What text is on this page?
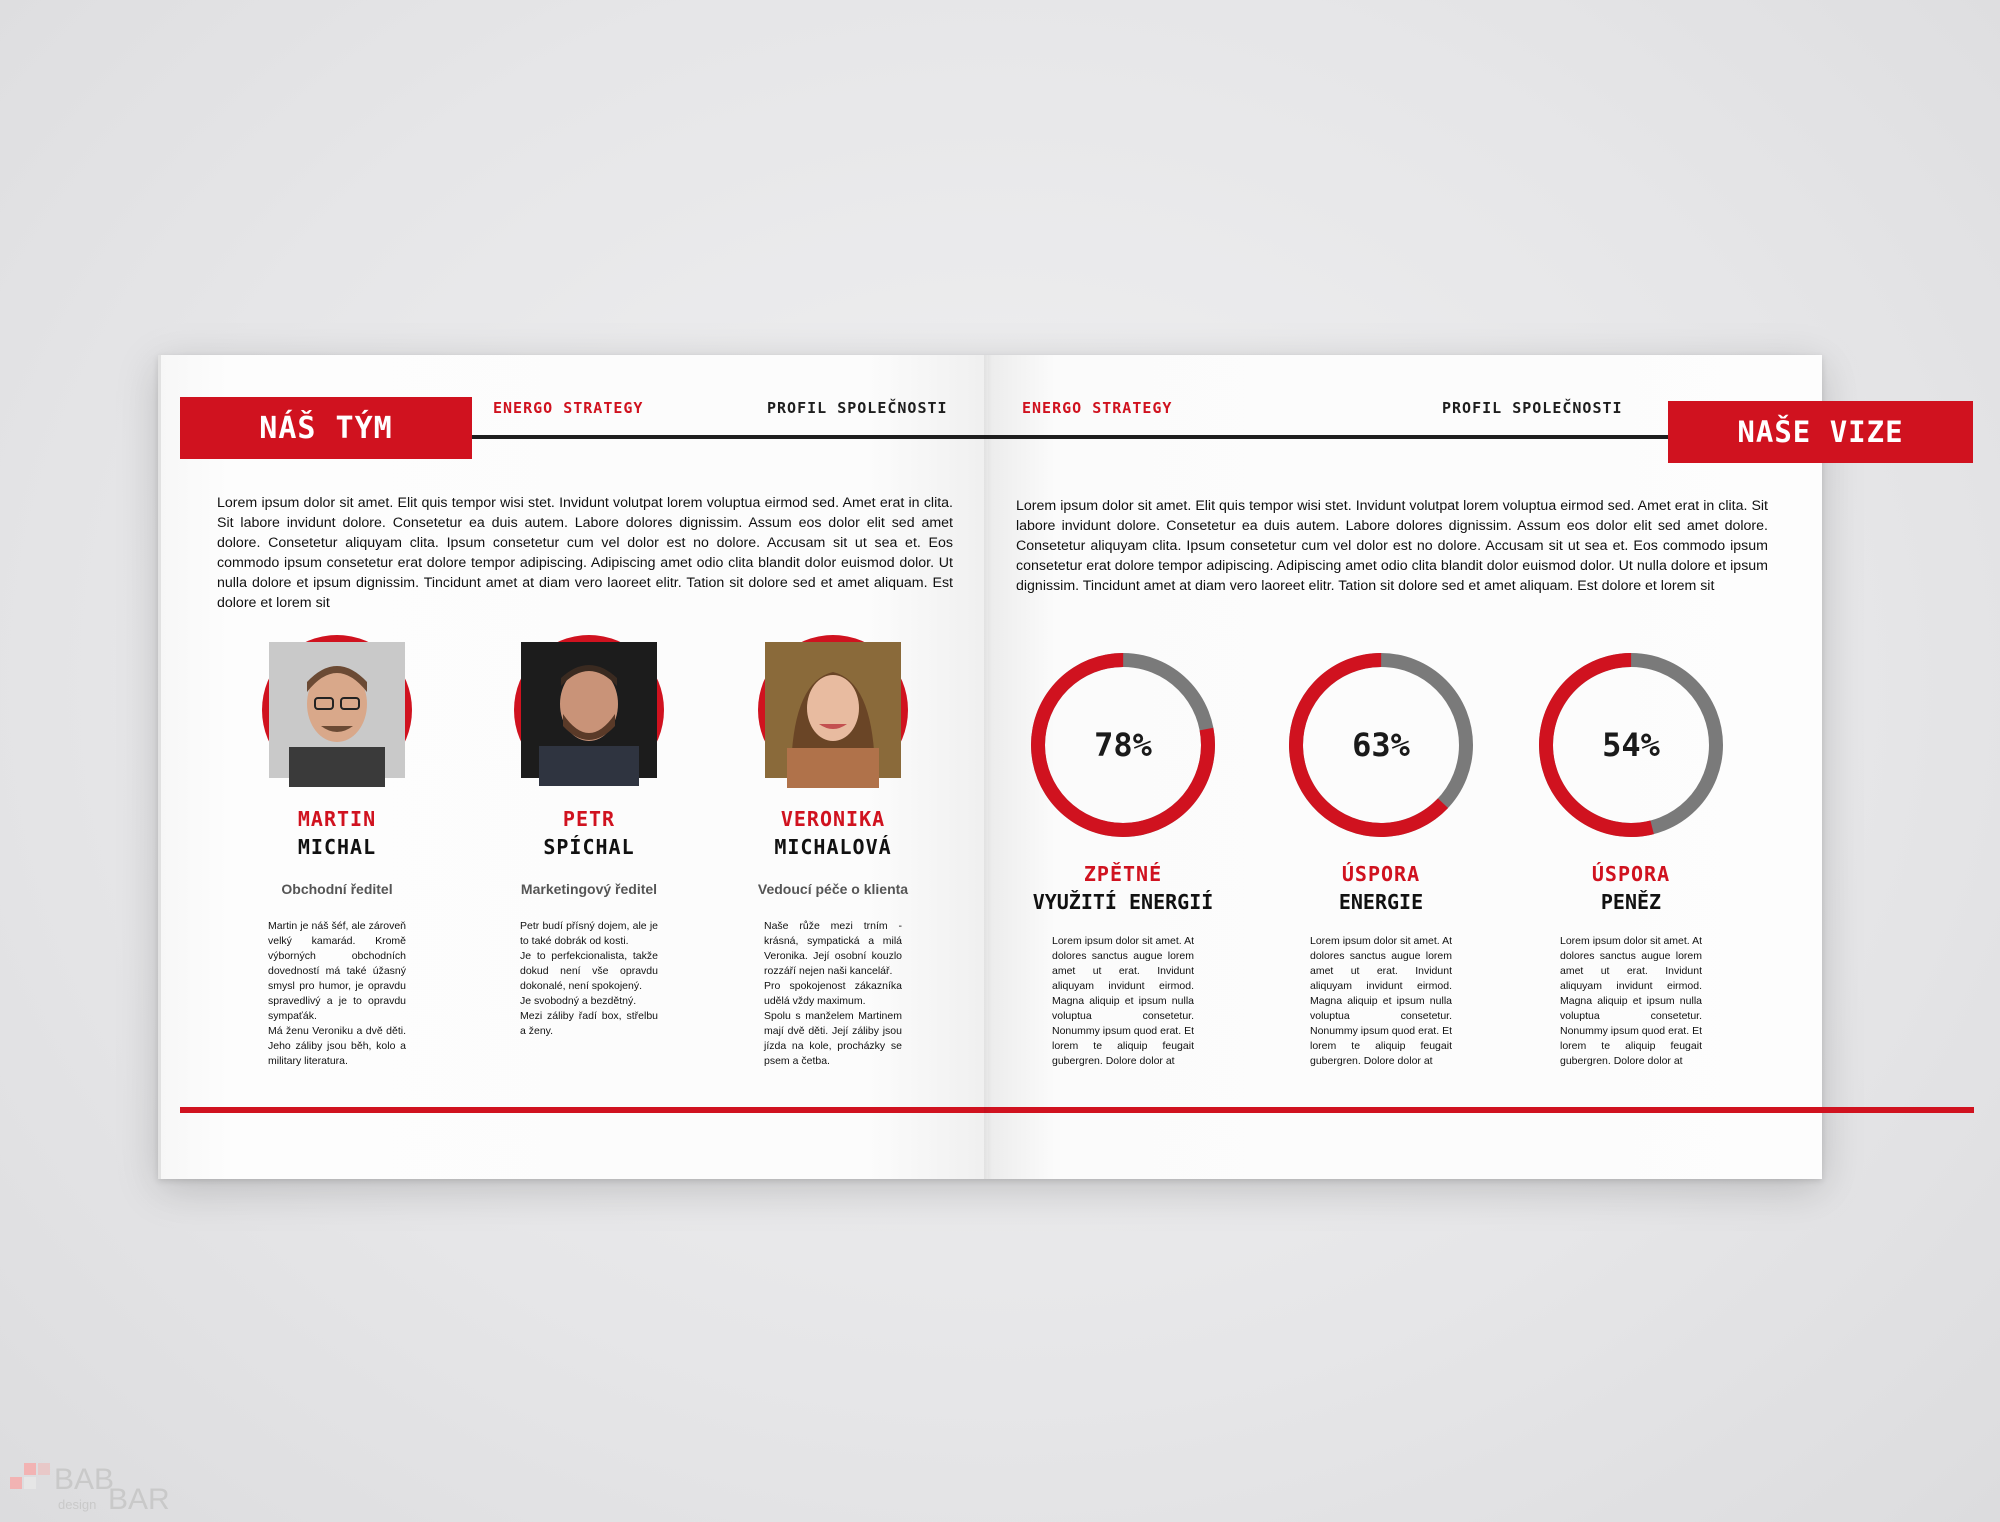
NÁŠ TÝM
ENERGO STRATEGY	PROFIL SPOLEČNOSTI
Lorem ipsum dolor sit amet. Elit quis tempor wisi stet. Invidunt volutpat lorem voluptua eirmod sed. Amet erat in clita. Sit labore invidunt dolore. Consetetur ea duis autem. Labore dolores dignissim. Assum eos dolor elit sed amet dolore. Consetetur aliquyam clita. Ipsum consetetur cum vel dolor est no dolore. Accusam sit ut sea et. Eos commodo ipsum consetetur erat dolore tempor adipiscing. Adipiscing amet odio clita blandit dolor euismod dolor. Ut nulla dolore et ipsum dignissim. Tincidunt amet at diam vero laoreet elitr. Tation sit dolore sed et amet aliquam. Est dolore et lorem sit
MARTIN
MICHAL
Obchodní ředitel
Martin je náš šéf, ale zároveň velký kamarád. Kromě výborných obchodních dovedností má také úžasný smysl pro humor, je opravdu spravedlivý a je to opravdu sympaťák.
Má ženu Veroniku a dvě děti. Jeho záliby jsou běh, kolo a military literatura.
PETR
SPÍCHAL
Marketingový ředitel
Petr budí přísný dojem, ale je to také dobrák od kosti.
Je to perfekcionalista, takže dokud není vše opravdu dokonalé, není spokojený.
Je svobodný a bezdětný.
Mezi záliby řadí box, střelbu a ženy.
VERONIKA
MICHALOVÁ
Vedoucí péče o klienta
Naše růže mezi trním - krásná, sympatická a milá Veronika. Její osobní kouzlo rozzáří nejen naši kancelář.
Pro spokojenost zákazníka udělá vždy maximum.
Spolu s manželem Martinem mají dvě děti. Její záliby jsou jízda na kole, procházky se psem a četba.
ENERGO STRATEGY	PROFIL SPOLEČNOSTI
NAŠE VIZE
Lorem ipsum dolor sit amet. Elit quis tempor wisi stet. Invidunt volutpat lorem voluptua eirmod sed. Amet erat in clita. Sit labore invidunt dolore. Consetetur ea duis autem. Labore dolores dignissim. Assum eos dolor elit sed amet dolore. Consetetur aliquyam clita. Ipsum consetetur cum vel dolor est no dolore. Accusam sit ut sea et. Eos commodo ipsum consetetur erat dolore tempor adipiscing. Adipiscing amet odio clita blandit dolor euismod dolor. Ut nulla dolore et ipsum dignissim. Tincidunt amet at diam vero laoreet elitr. Tation sit dolore sed et amet aliquam. Est dolore et lorem sit
78%
ZPĚTNÉ
VYUŽITÍ ENERGIÍ
Lorem ipsum dolor sit amet. At dolores sanctus augue lorem amet ut erat. Invidunt aliquyam invidunt eirmod. Magna aliquip et ipsum nulla voluptua consetetur. Nonummy ipsum quod erat. Et lorem te aliquip feugait gubergren. Dolore dolor at
63%
ÚSPORA
ENERGIE
Lorem ipsum dolor sit amet. At dolores sanctus augue lorem amet ut erat. Invidunt aliquyam invidunt eirmod. Magna aliquip et ipsum nulla voluptua consetetur. Nonummy ipsum quod erat. Et lorem te aliquip feugait gubergren. Dolore dolor at
54%
ÚSPORA
PENĚZ
Lorem ipsum dolor sit amet. At dolores sanctus augue lorem amet ut erat. Invidunt aliquyam invidunt eirmod. Magna aliquip et ipsum nulla voluptua consetetur. Nonummy ipsum quod erat. Et lorem te aliquip feugait gubergren. Dolore dolor at
BAB
BAR
design
